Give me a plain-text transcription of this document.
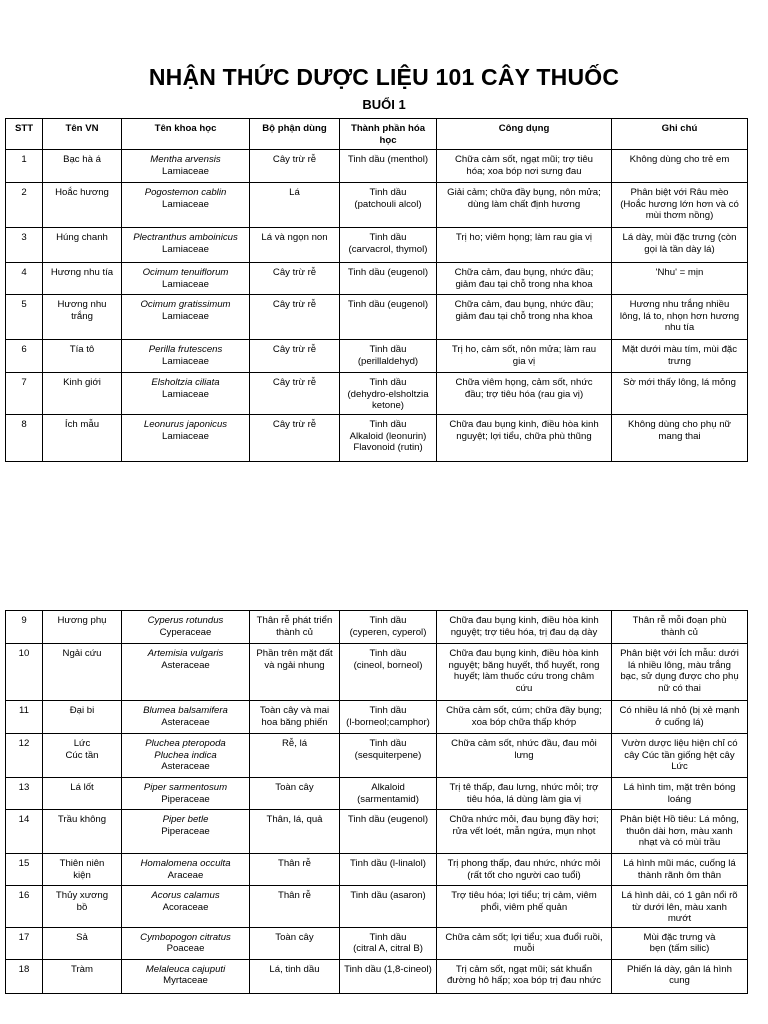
NHẬN THỨC DƯỢC LIỆU 101 CÂY THUỐC
BUỔI 1
STT	Tên VN	Tên khoa học	Bộ phận dùng	Thành phần hóa học	Công dụng	Ghi chú
1	Bạc hà á	Mentha arvensis
Lamiaceae	Cây trừ rễ	Tinh dầu (menthol)	Chữa cảm sốt, ngạt mũi; trợ tiêu
hóa; xoa bóp nơi sưng đau	Không dùng cho trẻ em

2	Hoắc hương	Pogostemon cablin
Lamiaceae	Lá	Tinh dầu
(patchouli alcol)	Giải cảm; chữa đầy bụng, nôn mửa;
dùng làm chất định hương	Phân biệt với Râu mèo
(Hoắc hương lớn hơn và có
mùi thơm nồng)

3	Húng chanh	Plectranthus amboinicus
Lamiaceae	Lá và ngọn non	Tinh dầu
(carvacrol, thymol)	Trị ho; viêm họng; làm rau gia vị	Lá dày, mùi đặc trưng (còn
gọi là tần dày lá)

4	Hương nhu tía	Ocimum tenuiflorum
Lamiaceae	Cây trừ rễ	Tinh dầu (eugenol)	Chữa cảm, đau bụng, nhức đầu;
giảm đau tại chỗ trong nha khoa	'Nhu' = mịn

5	Hương nhu
trắng	Ocimum gratissimum
Lamiaceae	Cây trừ rễ	Tinh dầu (eugenol)	Chữa cảm, đau bụng, nhức đầu;
giảm đau tại chỗ trong nha khoa	Hương nhu trắng nhiều
lông, lá to, nhọn hơn hương
nhu tía

6	Tía tô	Perilla frutescens
Lamiaceae	Cây trừ rễ	Tinh dầu
(perillaldehyd)	Trị ho, cảm sốt, nôn mửa; làm rau
gia vị	Mặt dưới màu tím, mùi đặc
trưng

7	Kinh giới	Elsholtzia ciliata
Lamiaceae	Cây trừ rễ	Tinh dầu
(dehydro-elsholtzia
ketone)	Chữa viêm họng, cảm sốt, nhức
đầu; trợ tiêu hóa (rau gia vị)	Sờ mới thấy lông, lá mỏng

8	Ích mẫu	Leonurus japonicus
Lamiaceae	Cây trừ rễ	Tinh dầu
Alkaloid (leonurin)
Flavonoid (rutin)	Chữa đau bụng kinh, điều hòa kinh
nguyệt; lợi tiểu, chữa phù thũng	Không dùng cho phụ nữ
mang thai
9	Hương phụ	Cyperus rotundus
Cyperaceae	Thân rễ phát triển
thành củ	Tinh dầu
(cyperen, cyperol)	Chữa đau bụng kinh, điều hòa kinh
nguyệt; trợ tiêu hóa, trị đau dạ dày	Thân rễ mỗi đoạn phù
thành củ

10	Ngải cứu	Artemisia vulgaris
Asteraceae	Phần trên mặt đất
và ngải nhung	Tinh dầu
(cineol, borneol)	Chữa đau bụng kinh, điều hòa kinh
nguyệt; băng huyết, thổ huyết, rong
huyết; làm thuốc cứu trong châm
cứu	Phân biệt với Ích mẫu: dưới
lá nhiều lông, màu trắng
bạc, sử dụng được cho phụ
nữ có thai

11	Đại bi	Blumea balsamifera
Asteraceae	Toàn cây và mai
hoa băng phiến	Tinh dầu
(l-borneol;camphor)	Chữa cảm sốt, cúm; chữa đầy bụng;
xoa bóp chữa thấp khớp	Có nhiều lá nhỏ (bị xẻ mạnh
ở cuống lá)

12	Lức
Cúc tần	Pluchea pteropoda
Pluchea indica
Asteraceae	Rễ, lá	Tinh dầu
(sesquiterpene)	Chữa cảm sốt, nhức đầu, đau mỏi
lưng	Vườn dược liệu hiện chỉ có
cây Cúc tần giống hệt cây
Lức

13	Lá lốt	Piper sarmentosum
Piperaceae	Toàn cây	Alkaloid
(sarmentamid)	Trị tê thấp, đau lưng, nhức mỏi; trợ
tiêu hóa, lá dùng làm gia vị	Lá hình tim, mặt trên bóng
loáng

14	Trầu không	Piper betle
Piperaceae	Thân, lá, quả	Tinh dầu (eugenol)	Chữa nhức mỏi, đau bụng đầy hơi;
rửa vết loét, mẫn ngứa, mụn nhọt	Phân biệt Hồ tiêu: Lá mỏng,
thuôn dài hơn, màu xanh
nhạt và có mùi trầu

15	Thiên niên
kiện	Homalomena occulta
Araceae	Thân rễ	Tinh dầu (l-linalol)	Trị phong thấp, đau nhức, nhức mỏi
(rất tốt cho người cao tuổi)	Lá hình mũi mác, cuống lá
thành rãnh ôm thân

16	Thủy xương
bồ	Acorus calamus
Acoraceae	Thân rễ	Tinh dầu (asaron)	Trợ tiêu hóa; lợi tiểu; trị cảm, viêm
phổi, viêm phế quản	Lá hình dải, có 1 gân nổi rõ
từ dưới lên, màu xanh
mướt

17	Sả	Cymbopogon citratus
Poaceae	Toàn cây	Tinh dầu
(citral A, citral B)	Chữa cảm sốt; lợi tiểu; xua đuổi ruồi,
muỗi	Mùi đặc trưng và
bẹn (tấm silic)

18	Tràm	Melaleuca cajuputi
Myrtaceae	Lá, tinh dầu	Tinh dầu (1,8-cineol)	Trị cảm sốt, ngạt mũi; sát khuẩn
đường hô hấp; xoa bóp trị đau nhức	Phiến lá dày, gân lá hình
cung
